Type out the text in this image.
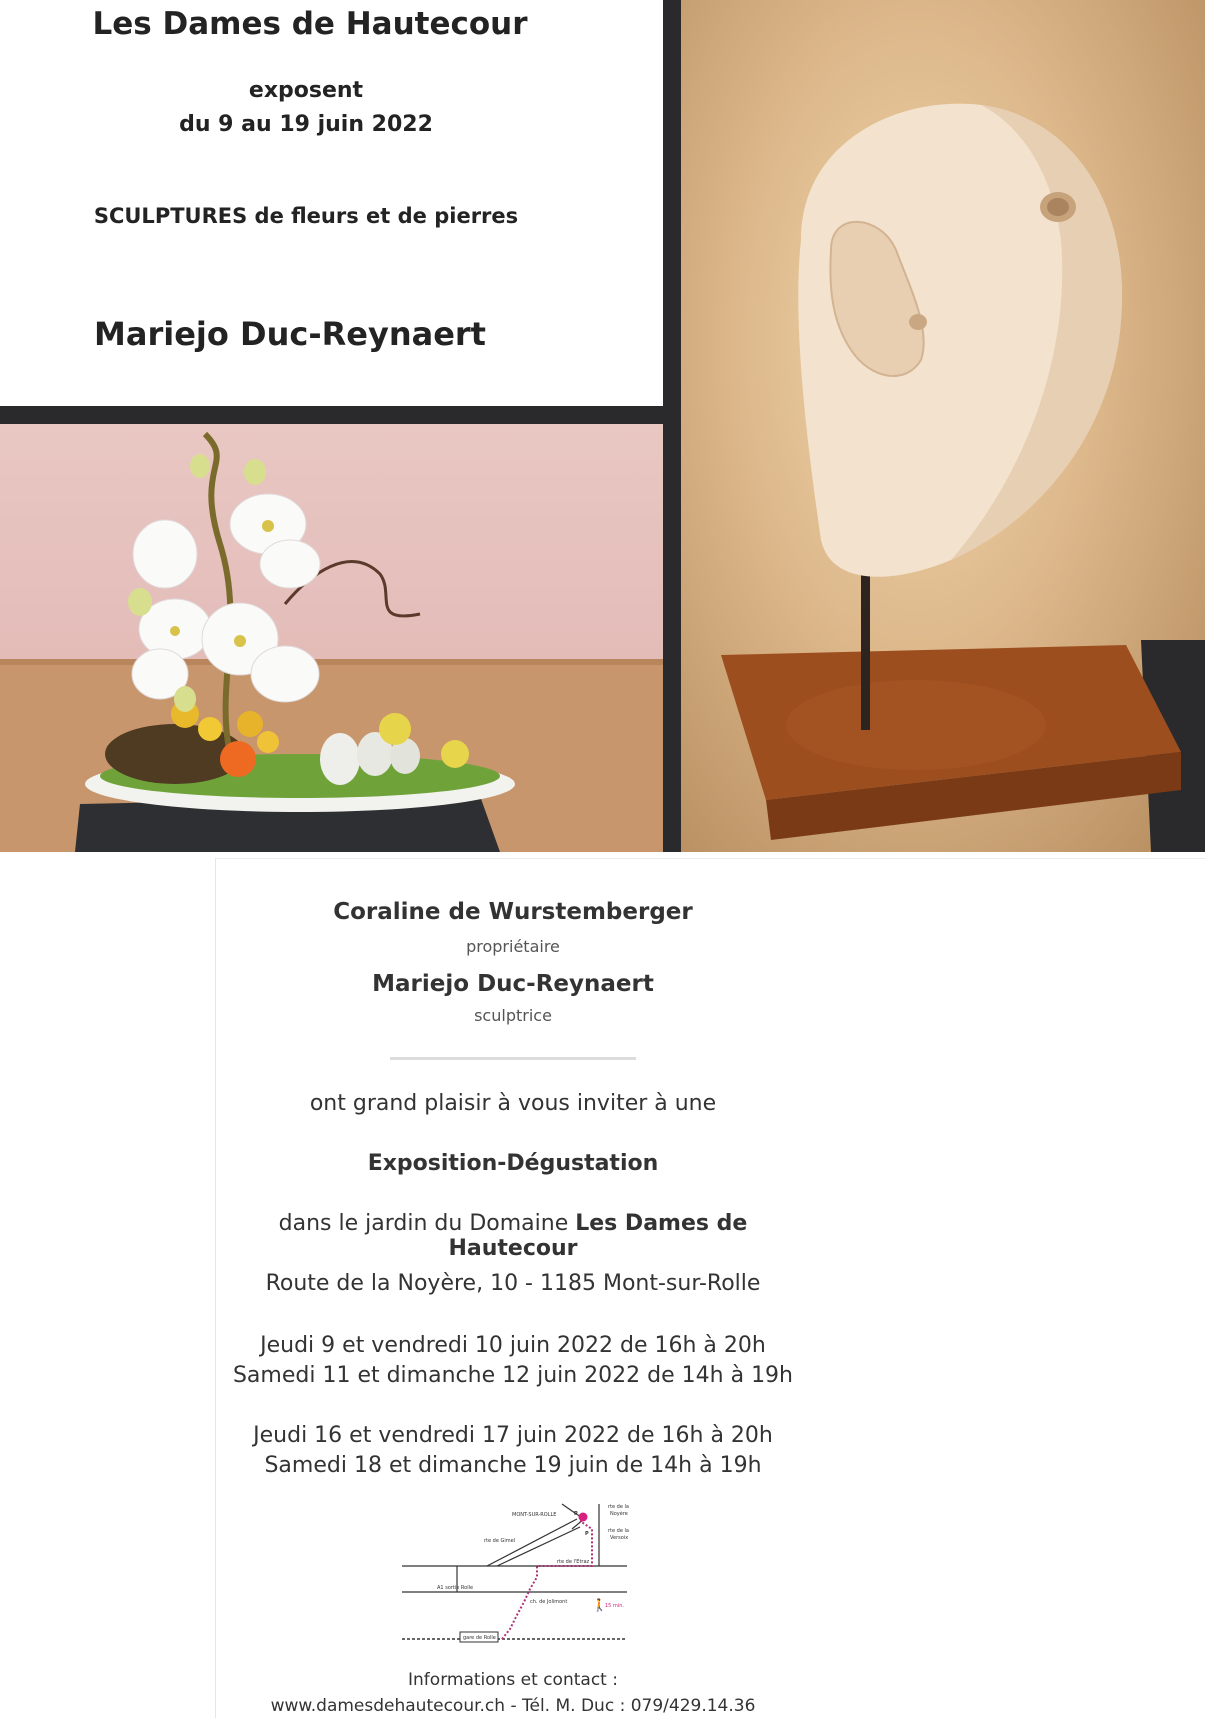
Les Dames de Hautecour
exposent
du 9 au 19 juin 2022
SCULPTURES de fleurs et de pierres
Mariejo Duc-Reynaert
Coraline de Wurstemberger
propriétaire
Mariejo Duc-Reynaert
sculptrice
ont grand plaisir à vous inviter à une
Exposition-Dégustation
dans le jardin du Domaine Les Dames de Hautecour
Route de la Noyère, 10 - 1185 Mont-sur-Rolle
Jeudi 9 et vendredi 10 juin 2022 de 16h à 20h
Samedi 11 et dimanche 12 juin 2022 de 14h à 19h
Jeudi 16 et vendredi 17 juin 2022 de 16h à 20h
Samedi 18 et dimanche 19 juin de 14h à 19h
🚶
MONT-SUR-ROLLE	P
P
rte de la
Noyère
rte de la
Versoix
rte de Gimel
rte de l'Etraz
A1 sortie Rolle
ch. de Jolimont
15 min.
gare de Rolle
Informations et contact :
www.damesdehautecour.ch - Tél. M. Duc : 079/429.14.36
